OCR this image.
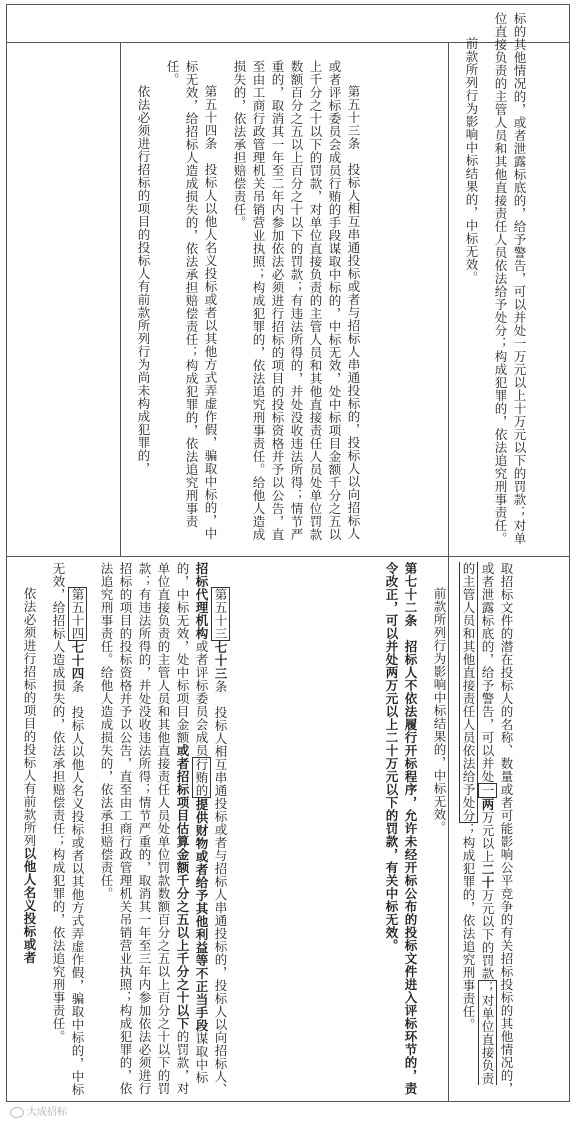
标的其他情况的，或者泄露标底的，给予警告，可以并处一万元以上十万元以下的罚款；对单位直接负责的主管人员和其他直接责任人员依法给予处分；构成犯罪的，依法追究刑事责任。

前款所列行为影响中标结果的，中标无效。

第五十三条　投标人相互串通投标或者与招标人串通投标的，投标人以向招标人或者评标委员会成员行贿的手段谋取中标的，中标无效，处中标项目金额千分之五以上千分之十以下的罚款，对单位直接负责的主管人员和其他直接责任人员处单位罚款数额百分之五以上百分之十以下的罚款；有违法所得的，并处没收违法所得；情节严重的，取消其一年至二年内参加依法必须进行招标的项目的投标资格并予以公告，直至由工商行政管理机关吊销营业执照；构成犯罪的，依法追究刑事责任。给他人造成损失的，依法承担赔偿责任。

第五十四条　投标人以他人名义投标或者以其他方式弄虚作假，骗取中标的，中标无效，给招标人造成损失的，依法承担赔偿责任；构成犯罪的，依法追究刑事责任。

依法必须进行招标的项目的投标人有前款所列行为尚未构成犯罪的，

取招标文件的潜在投标人的名称、数量或者可能影响公平竞争的有关招标投标的其他情况的，或者泄露标底的，给予警告，可以并处一两万元以上二十万元以下的罚款；对单位直接负责的主管人员和其他直接责任人员依法给予处分；构成犯罪的，依法追究刑事责任。

前款所列行为影响中标结果的，中标无效。

第七十二条　招标人不依法履行开标程序，允许未经开标公布的投标文件进入评标环节的，责令改正，可以并处两万元以上二十万元以下的罚款，有关中标无效。

第五十三七十三条　投标人相互串通投标或者与招标人串通投标的，投标人以向招标人、招标代理机构或者评标委员会成员行贿的提供财物或者给予其他利益等不正当手段谋取中标的，中标无效，处中标项目金额或者招标项目估算金额千分之五以上千分之十以下的罚款，对单位直接负责的主管人员和其他直接责任人员处单位罚款数额百分之五以上百分之十以下的罚款；有违法所得的，并处没收违法所得；情节严重的，取消其一年至三年内参加依法必须进行招标的项目的投标资格并予以公告，直至由工商行政管理机关吊销营业执照；构成犯罪的，依法追究刑事责任。给他人造成损失的，依法承担赔偿责任。

第五十四七十四条　投标人以他人名义投标或者以其他方式弄虚作假，骗取中标的，中标无效，给招标人造成损失的，依法承担赔偿责任；构成犯罪的，依法追究刑事责任。

依法必须进行招标的项目的投标人有前款所列以他人名义投标或者

大成招标
